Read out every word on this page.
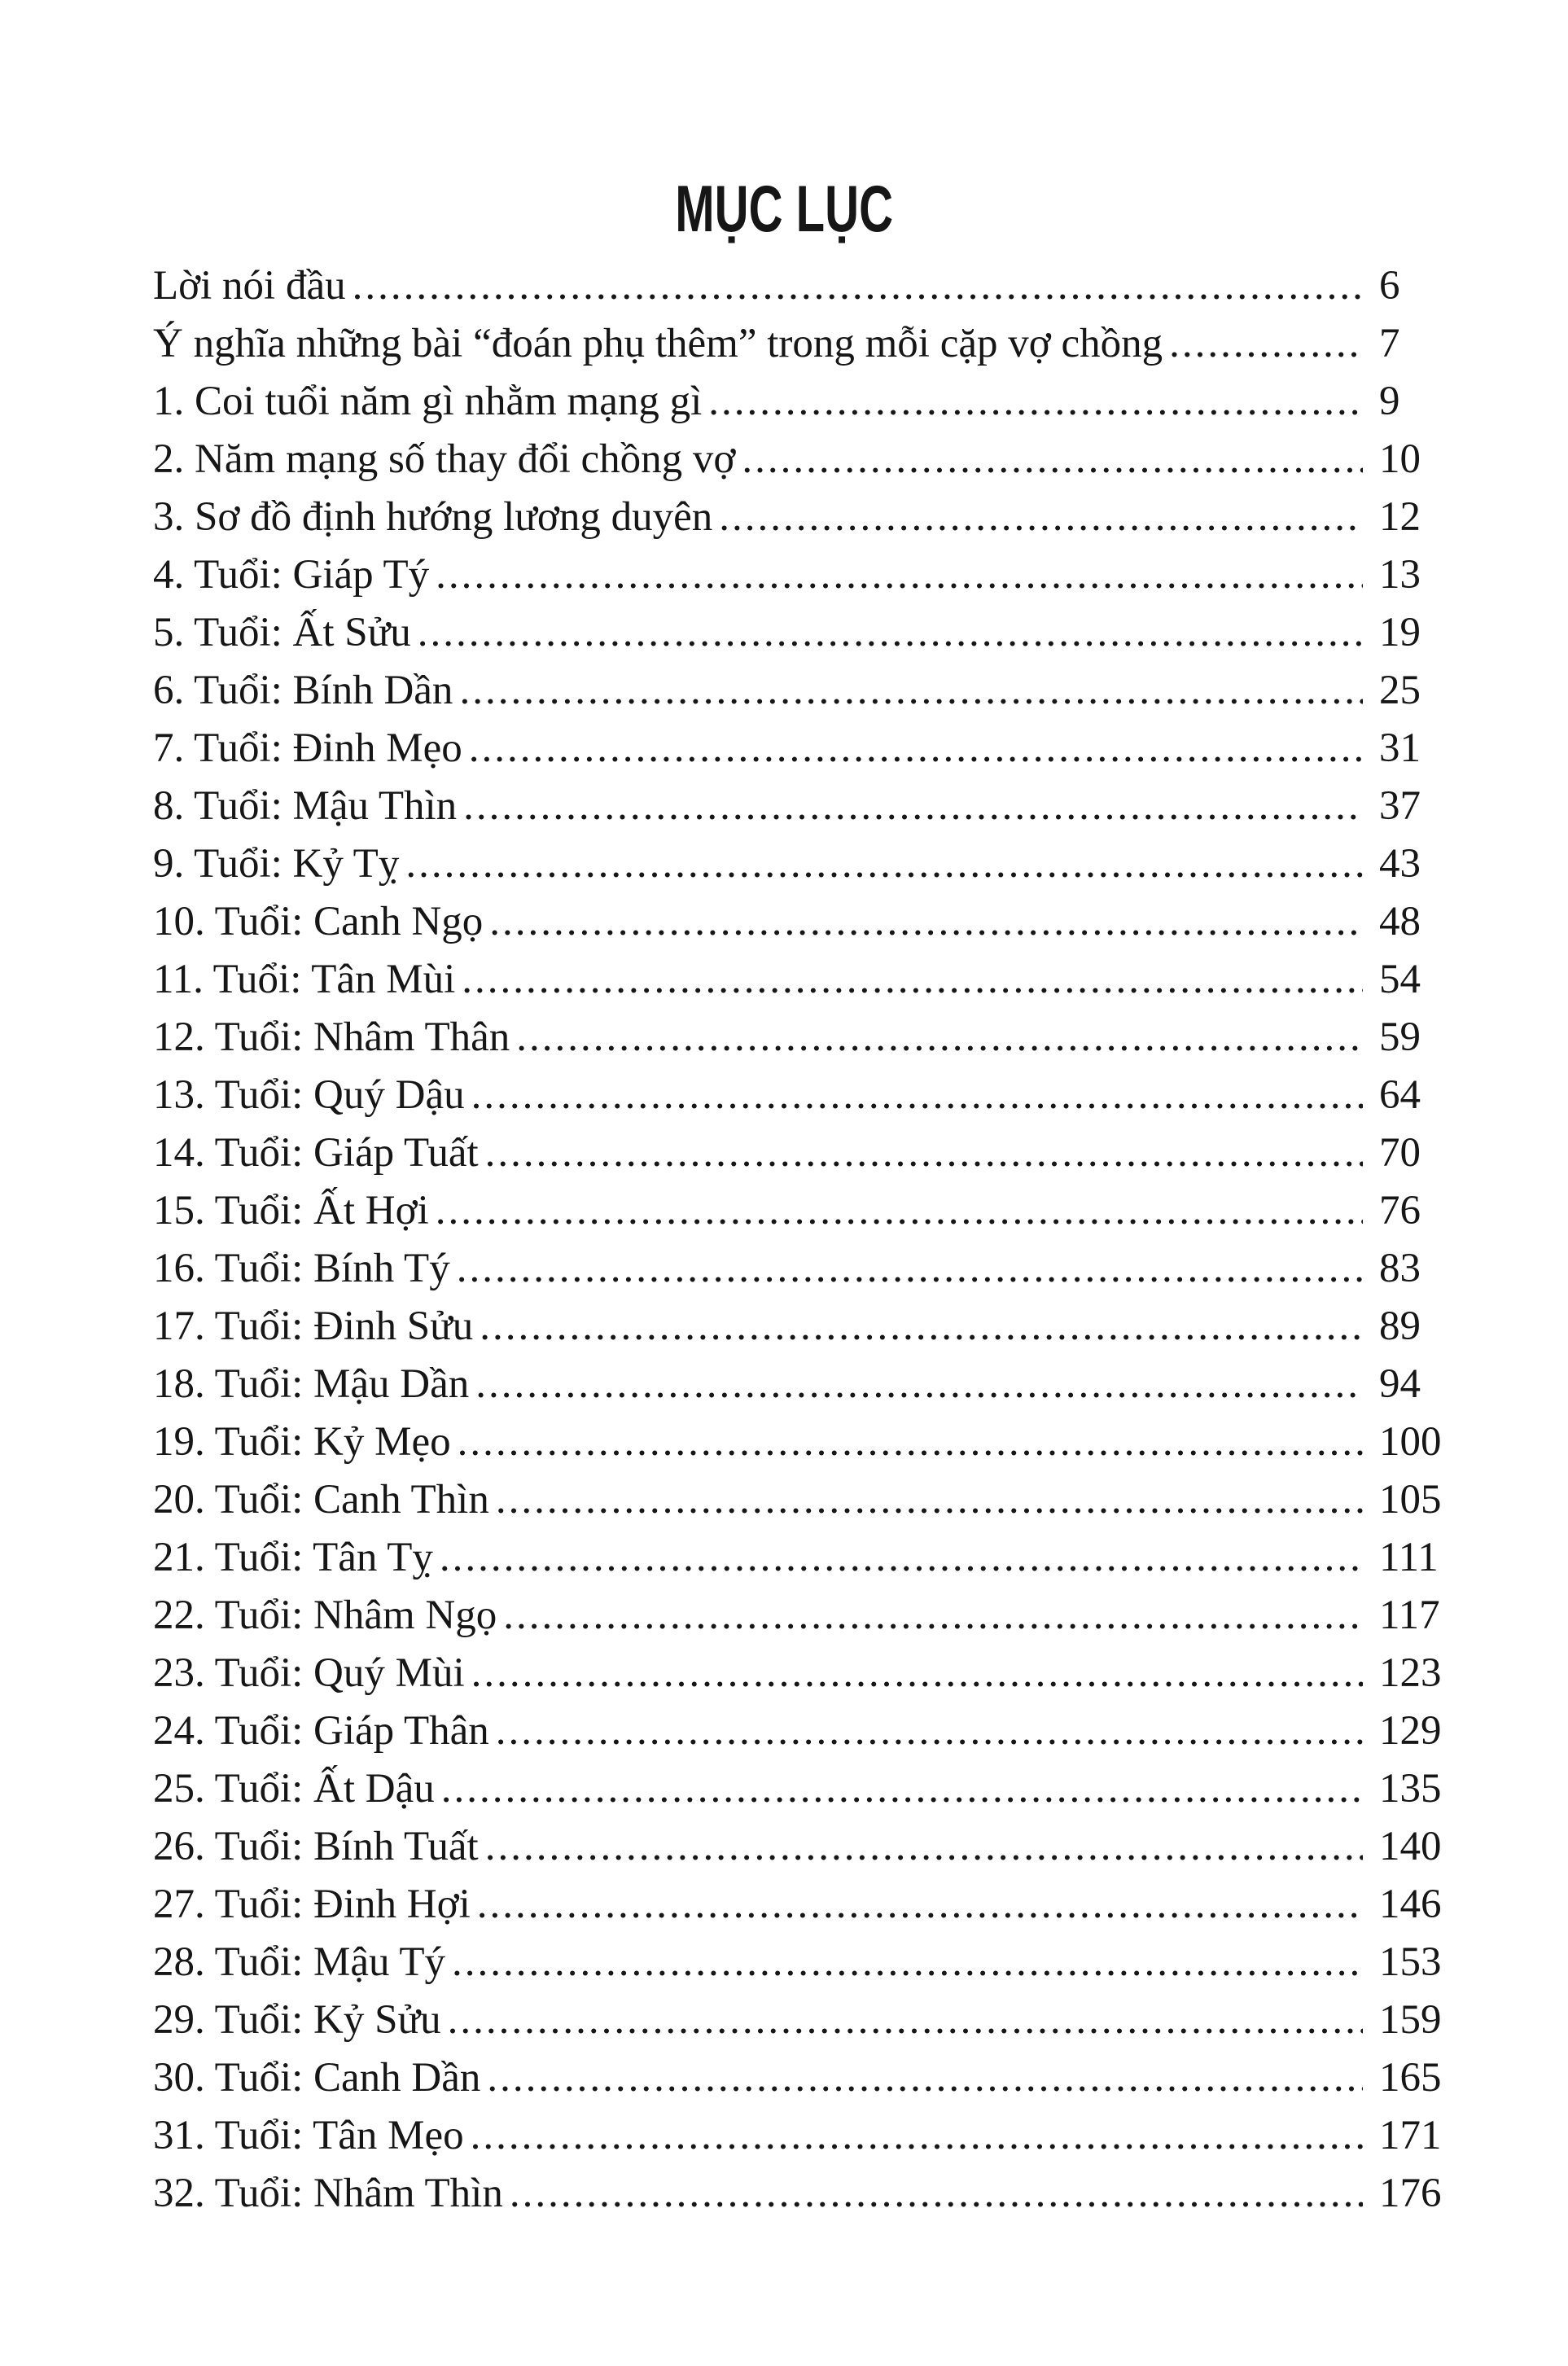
MỤC LỤC
Lời nói đầu .....	6
Ý nghĩa những bài “đoán phụ thêm” trong mỗi cặp vợ chồng .....	7
1. Coi tuổi năm gì nhằm mạng gì .....	9
2. Năm mạng số thay đổi chồng vợ .....	10
3. Sơ đồ định hướng lương duyên .....	12
4. Tuổi: Giáp Tý .....	13
5. Tuổi: Ất Sửu .....	19
6. Tuổi: Bính Dần .....	25
7. Tuổi: Đinh Mẹo .....	31
8. Tuổi: Mậu Thìn .....	37
9. Tuổi: Kỷ Tỵ .....	43
10. Tuổi: Canh Ngọ .....	48
11. Tuổi: Tân Mùi .....	54
12. Tuổi: Nhâm Thân .....	59
13. Tuổi: Quý Dậu .....	64
14. Tuổi: Giáp Tuất .....	70
15. Tuổi: Ất Hợi .....	76
16. Tuổi: Bính Tý .....	83
17. Tuổi: Đinh Sửu .....	89
18. Tuổi: Mậu Dần .....	94
19. Tuổi: Kỷ Mẹo .....	100
20. Tuổi: Canh Thìn .....	105
21. Tuổi: Tân Tỵ .....	111
22. Tuổi: Nhâm Ngọ .....	117
23. Tuổi: Quý Mùi .....	123
24. Tuổi: Giáp Thân .....	129
25. Tuổi: Ất Dậu .....	135
26. Tuổi: Bính Tuất .....	140
27. Tuổi: Đinh Hợi .....	146
28. Tuổi: Mậu Tý .....	153
29. Tuổi: Kỷ Sửu .....	159
30. Tuổi: Canh Dần .....	165
31. Tuổi: Tân Mẹo .....	171
32. Tuổi: Nhâm Thìn .....	176
